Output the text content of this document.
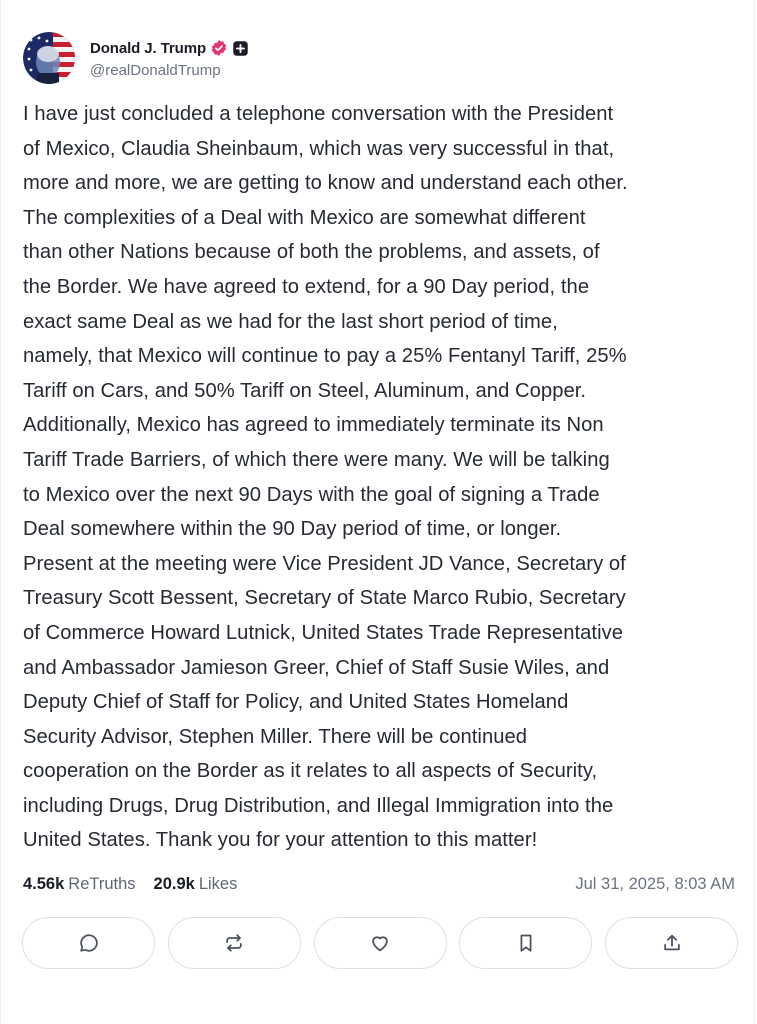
Donald J. Trump
@realDonaldTrump
I have just concluded a telephone conversation with the President
of Mexico, Claudia Sheinbaum, which was very successful in that,
more and more, we are getting to know and understand each other.
The complexities of a Deal with Mexico are somewhat different
than other Nations because of both the problems, and assets, of
the Border. We have agreed to extend, for a 90 Day period, the
exact same Deal as we had for the last short period of time,
namely, that Mexico will continue to pay a 25% Fentanyl Tariff, 25%
Tariff on Cars, and 50% Tariff on Steel, Aluminum, and Copper.
Additionally, Mexico has agreed to immediately terminate its Non
Tariff Trade Barriers, of which there were many. We will be talking
to Mexico over the next 90 Days with the goal of signing a Trade
Deal somewhere within the 90 Day period of time, or longer.
Present at the meeting were Vice President JD Vance, Secretary of
Treasury Scott Bessent, Secretary of State Marco Rubio, Secretary
of Commerce Howard Lutnick, United States Trade Representative
and Ambassador Jamieson Greer, Chief of Staff Susie Wiles, and
Deputy Chief of Staff for Policy, and United States Homeland
Security Advisor, Stephen Miller. There will be continued
cooperation on the Border as it relates to all aspects of Security,
including Drugs, Drug Distribution, and Illegal Immigration into the
United States. Thank you for your attention to this matter!
4.56k ReTruths 20.9k Likes	Jul 31, 2025, 8:03 AM
